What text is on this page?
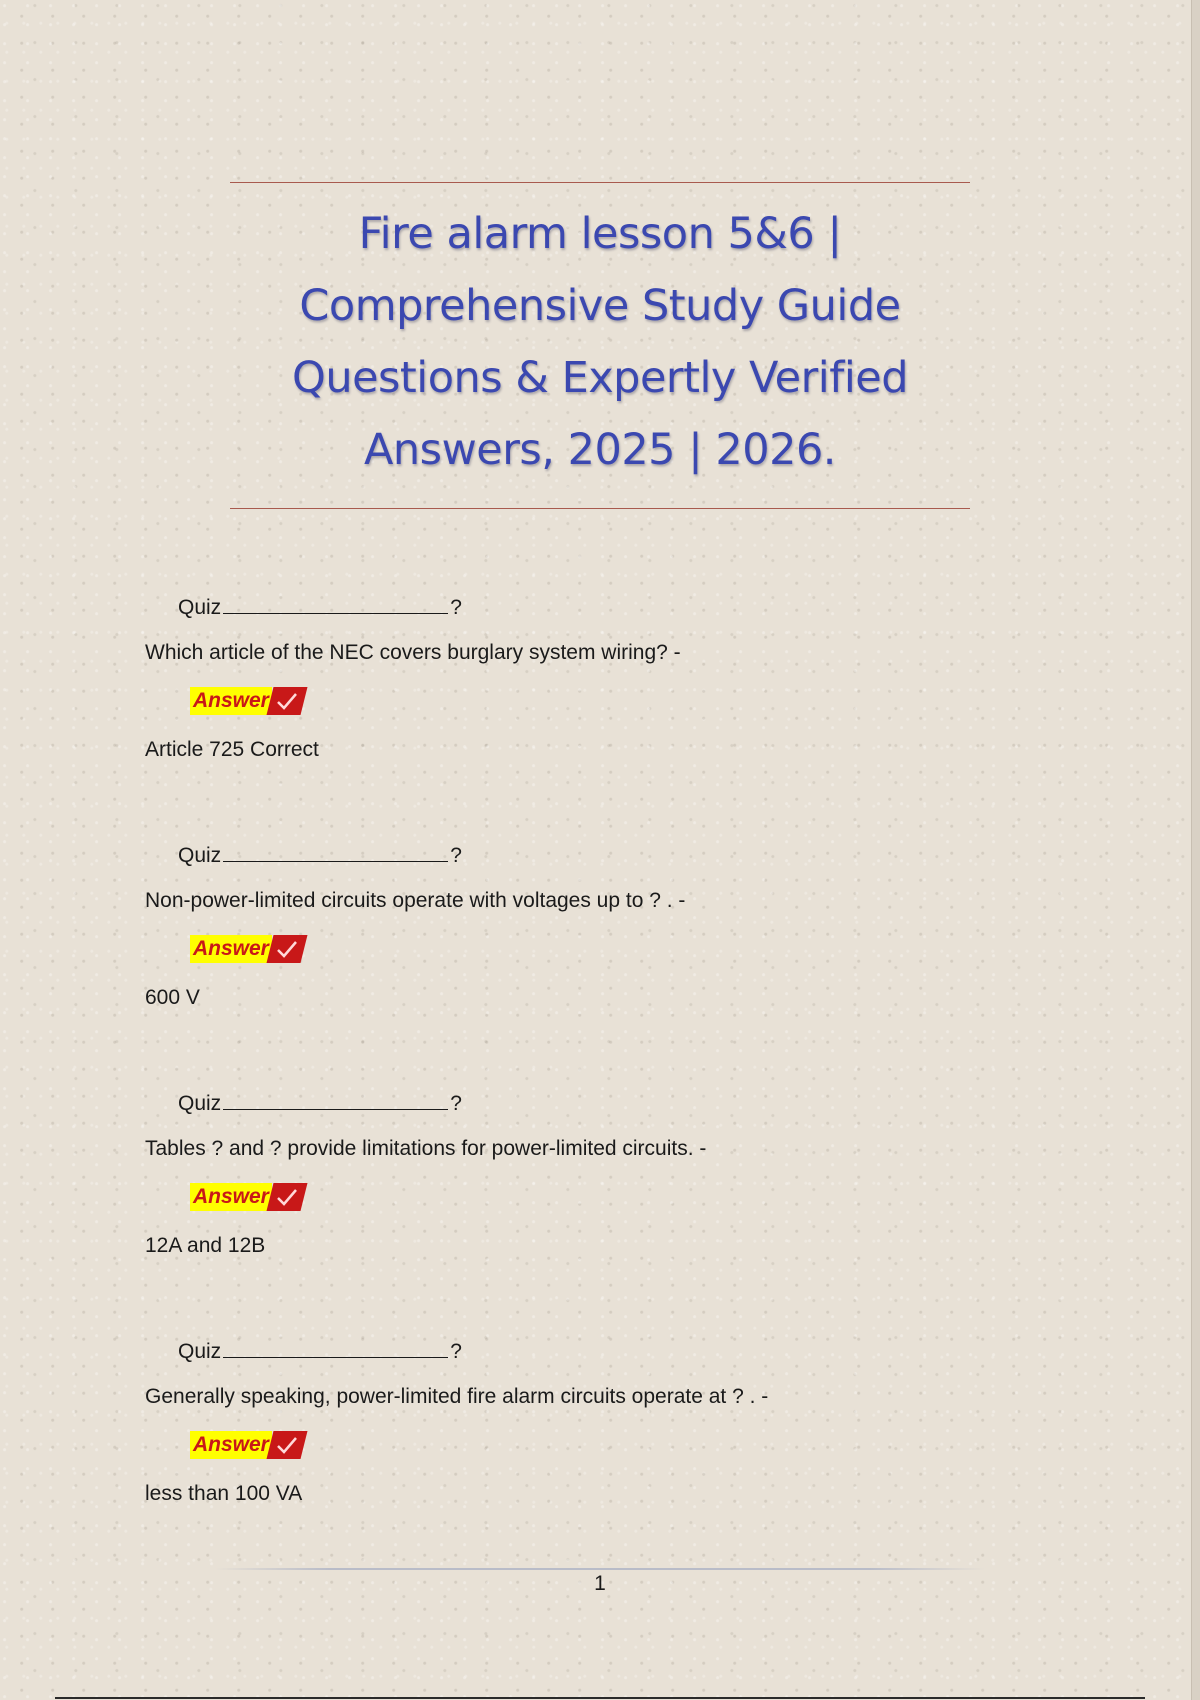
Fire alarm lesson 5&6 |
Comprehensive Study Guide
Questions & Expertly Verified
Answers, 2025 | 2026.
Quiz	?
Which article of the NEC covers burglary system wiring? -
Answer
Article 725 Correct
Quiz	?
Non-power-limited circuits operate with voltages up to ? . -
Answer
600 V
Quiz	?
Tables ? and ? provide limitations for power-limited circuits. -
Answer
12A and 12B
Quiz	?
Generally speaking, power-limited fire alarm circuits operate at ? . -
Answer
less than 100 VA
1
